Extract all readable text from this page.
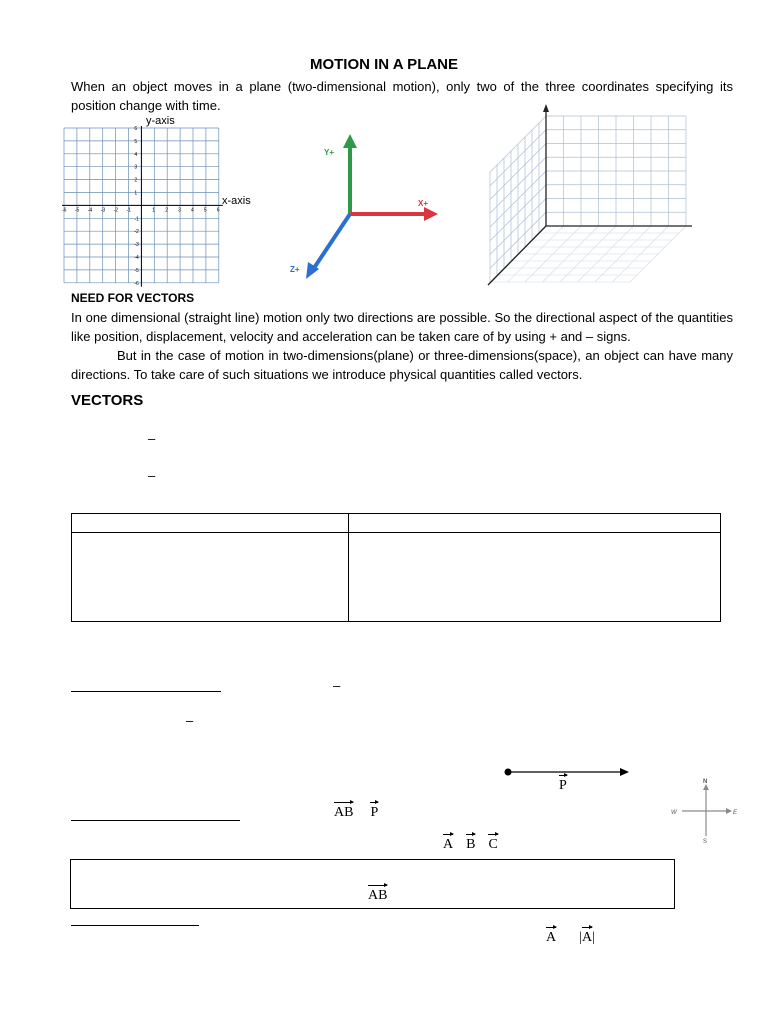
MOTION IN A PLANE
When an object moves in a plane (two-dimensional motion), only two of the three coordinates specifying its position change with time.
y-axis
-6 -5 -4 -3 -2 -1	1 2 3 4 5 6
6
5
4
3
2
1
-1
-2
-3
-4
-5
-6
x-axis
Y+
X+
Z+
NEED FOR VECTORS
In one dimensional (straight line) motion only two directions are possible. So the directional aspect of the quantities like position, displacement, velocity and acceleration can be taken care of by using + and – signs.
But in the case of motion in two-dimensions(plane) or three-dimensions(space), an object can have many directions. To take care of such situations we introduce physical quantities called vectors.
VECTORS
–
–

–
–
P	N
E
S
W
AB P
A B C
AB
A |
A|
